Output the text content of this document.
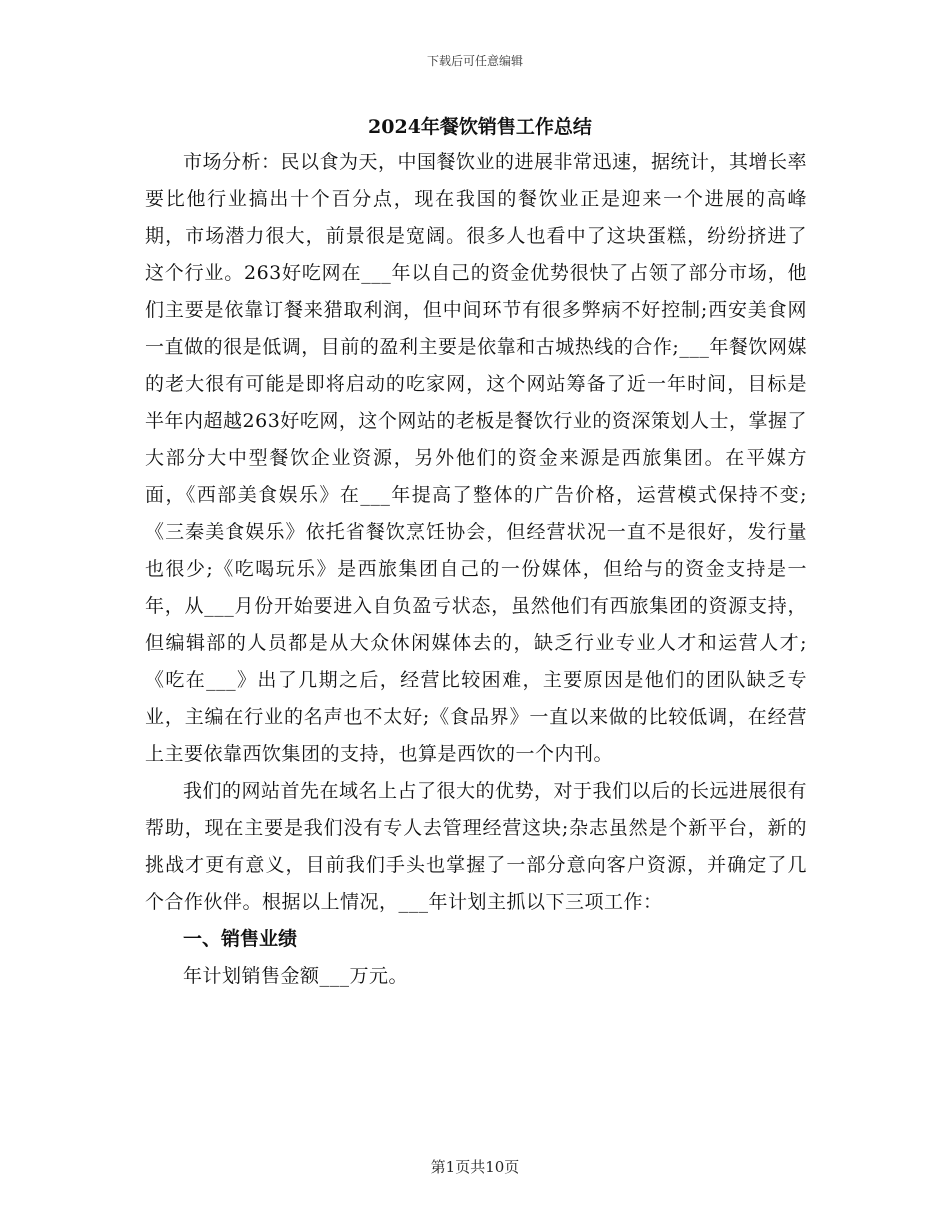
下载后可任意编辑
2024年餐饮销售工作总结

市场分析：民以食为天，中国餐饮业的进展非常迅速，据统计，其增长率要比他行业搞出十个百分点，现在我国的餐饮业正是迎来一个进展的高峰期，市场潜力很大，前景很是宽阔。很多人也看中了这块蛋糕，纷纷挤进了这个行业。263好吃网在___年以自己的资金优势很快了占领了部分市场，他们主要是依靠订餐来猎取利润，但中间环节有很多弊病不好控制;西安美食网一直做的很是低调，目前的盈利主要是依靠和古城热线的合作;___年餐饮网媒的老大很有可能是即将启动的吃家网，这个网站筹备了近一年时间，目标是半年内超越263好吃网，这个网站的老板是餐饮行业的资深策划人士，掌握了大部分大中型餐饮企业资源，另外他们的资金来源是西旅集团。在平媒方面，《西部美食娱乐》在___年提高了整体的广告价格，运营模式保持不变;《三秦美食娱乐》依托省餐饮烹饪协会，但经营状况一直不是很好，发行量也很少;《吃喝玩乐》是西旅集团自己的一份媒体，但给与的资金支持是一年，从___月份开始要进入自负盈亏状态，虽然他们有西旅集团的资源支持，但编辑部的人员都是从大众休闲媒体去的，缺乏行业专业人才和运营人才;《吃在___》出了几期之后，经营比较困难，主要原因是他们的团队缺乏专业，主编在行业的名声也不太好;《食品界》一直以来做的比较低调，在经营上主要依靠西饮集团的支持，也算是西饮的一个内刊。

我们的网站首先在域名上占了很大的优势，对于我们以后的长远进展很有帮助，现在主要是我们没有专人去管理经营这块;杂志虽然是个新平台，新的挑战才更有意义，目前我们手头也掌握了一部分意向客户资源，并确定了几个合作伙伴。根据以上情况，___年计划主抓以下三项工作：

一、销售业绩

年计划销售金额___万元。

第1页共10页
